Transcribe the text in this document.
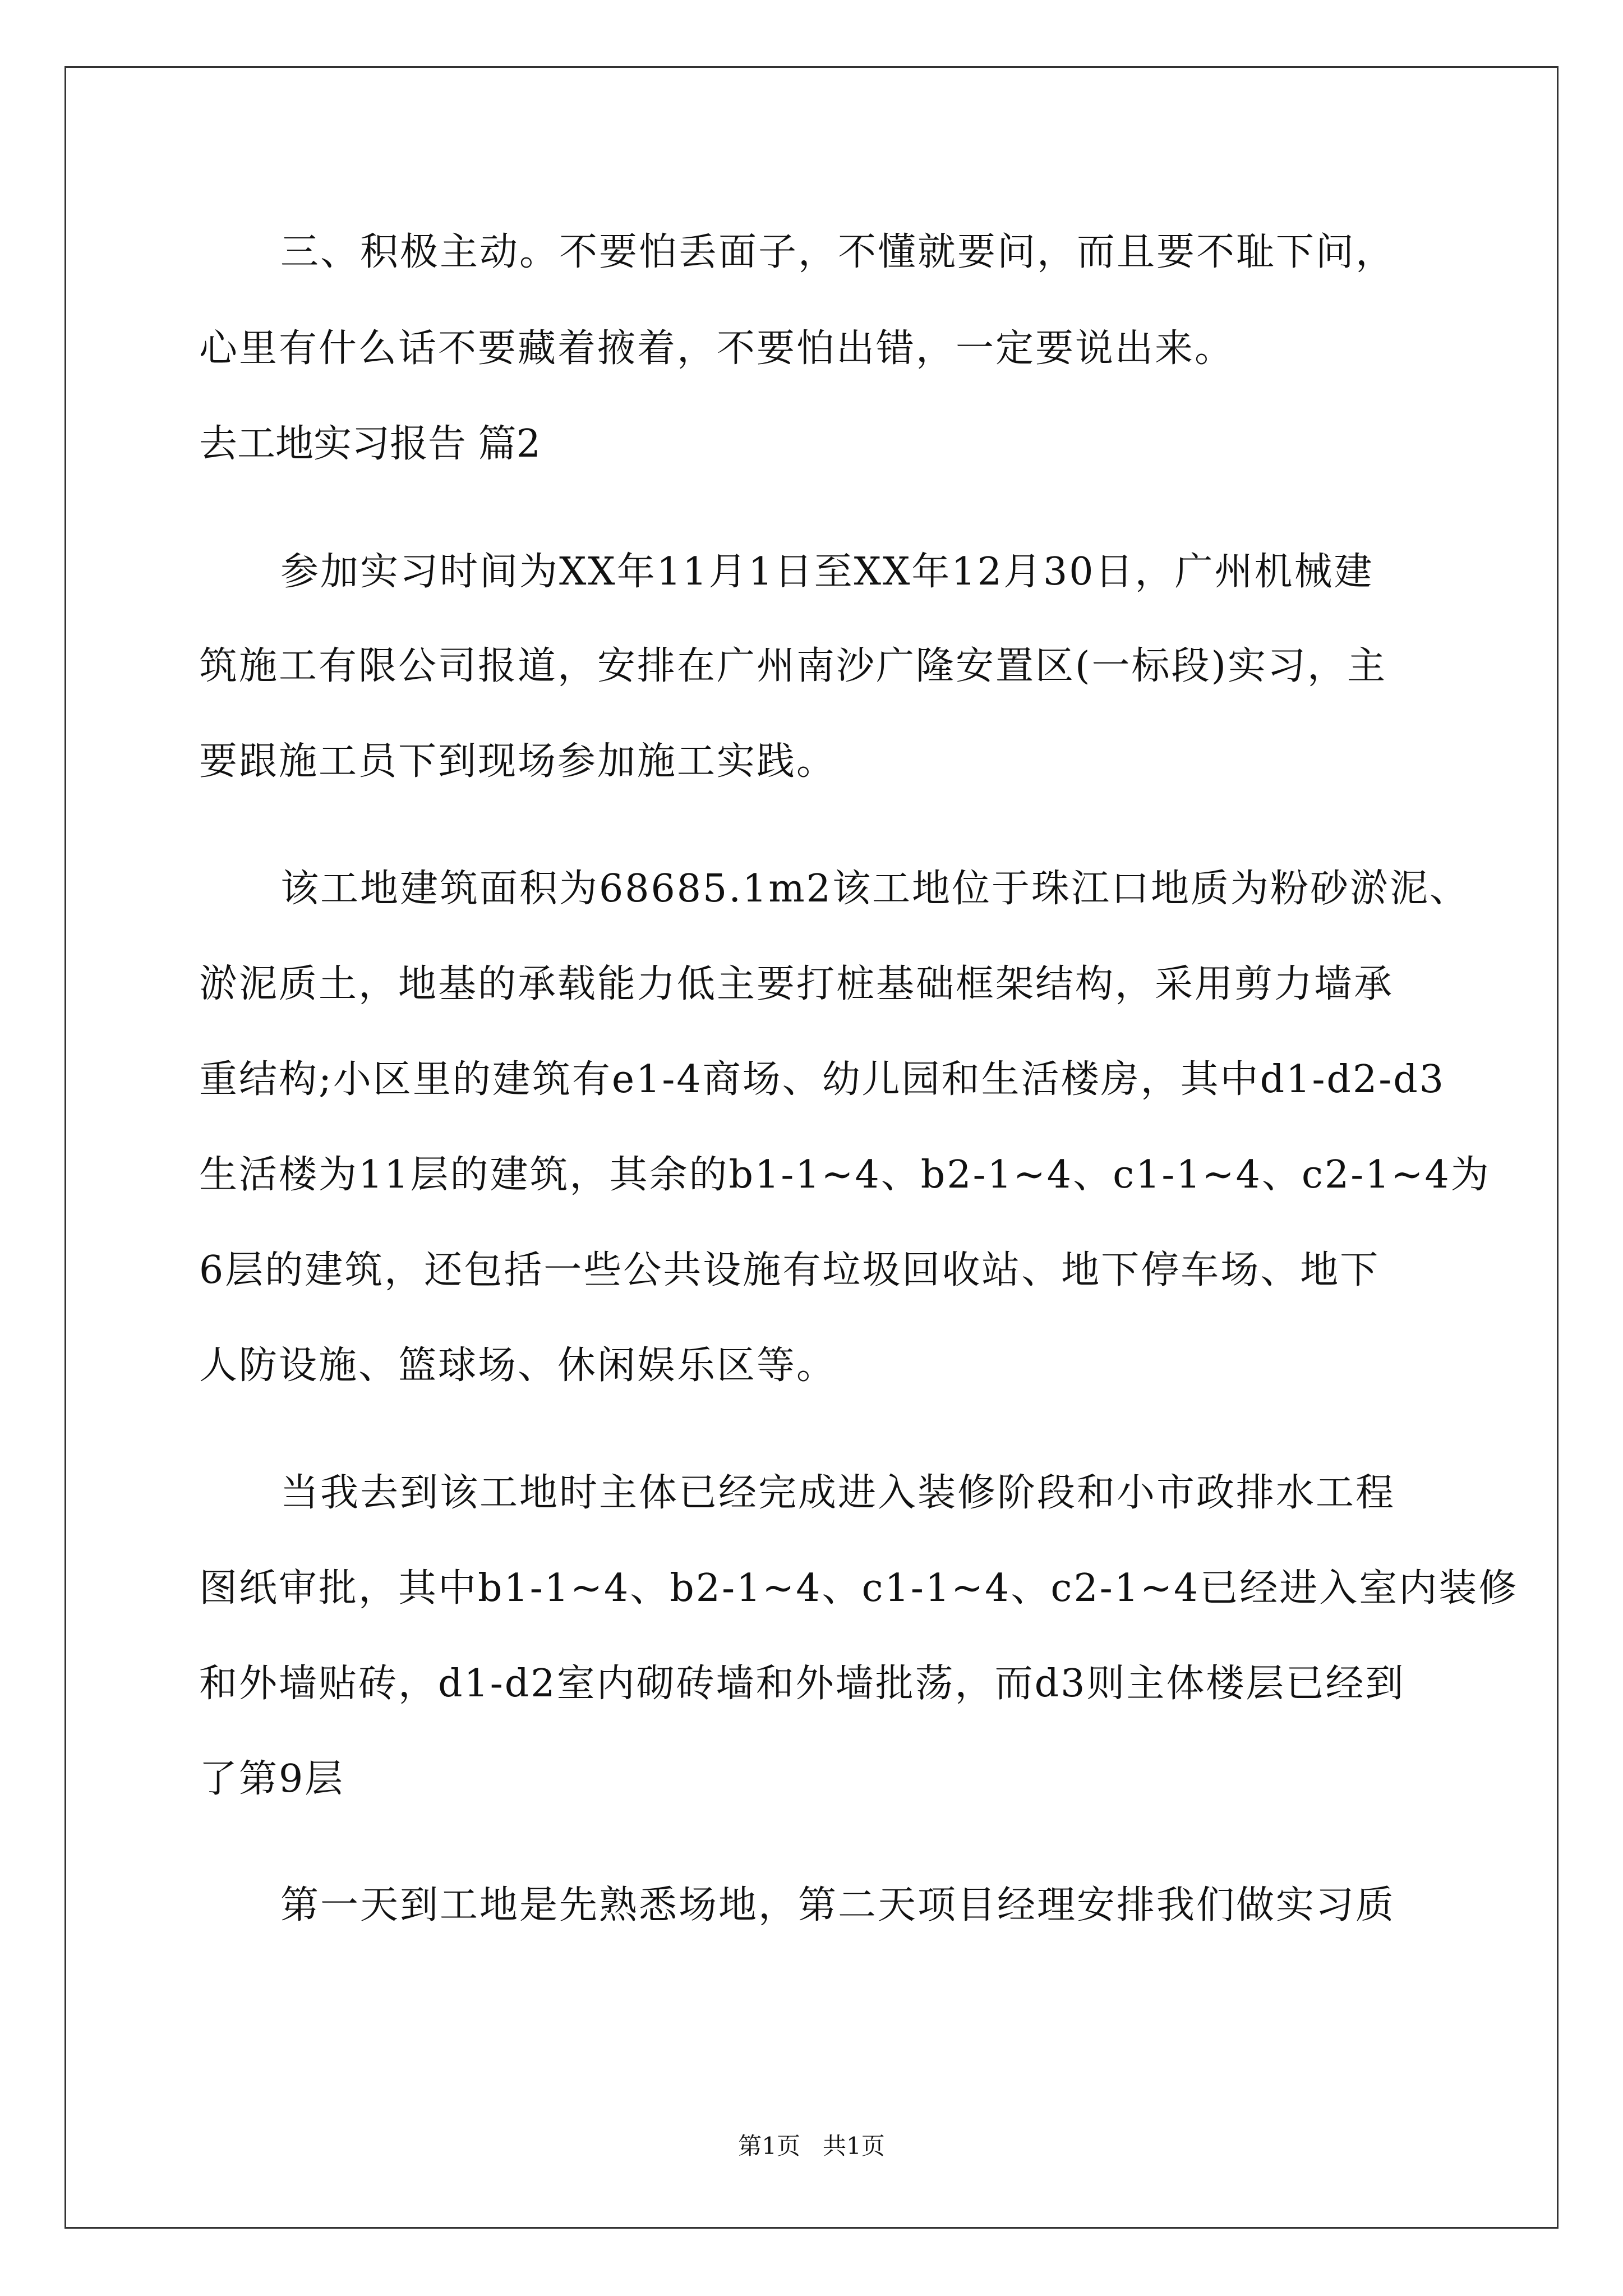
三、积极主动。不要怕丢面子，不懂就要问，而且要不耻下问，
心里有什么话不要藏着掖着，不要怕出错，一定要说出来。
去工地实习报告 篇2
参加实习时间为XX年11月1日至XX年12月30日，广州机械建
筑施工有限公司报道，安排在广州南沙广隆安置区(一标段)实习，主
要跟施工员下到现场参加施工实践。
该工地建筑面积为68685.1m2该工地位于珠江口地质为粉砂淤泥、
淤泥质土，地基的承载能力低主要打桩基础框架结构，采用剪力墙承
重结构;小区里的建筑有e1-4商场、幼儿园和生活楼房，其中d1-d2-d3
生活楼为11层的建筑，其余的b1-1~4、b2-1~4、c1-1~4、c2-1~4为
6层的建筑，还包括一些公共设施有垃圾回收站、地下停车场、地下
人防设施、篮球场、休闲娱乐区等。
当我去到该工地时主体已经完成进入装修阶段和小市政排水工程
图纸审批，其中b1-1~4、b2-1~4、c1-1~4、c2-1~4已经进入室内装修
和外墙贴砖，d1-d2室内砌砖墙和外墙批荡，而d3则主体楼层已经到
了第9层
第一天到工地是先熟悉场地，第二天项目经理安排我们做实习质
第1页   共1页
